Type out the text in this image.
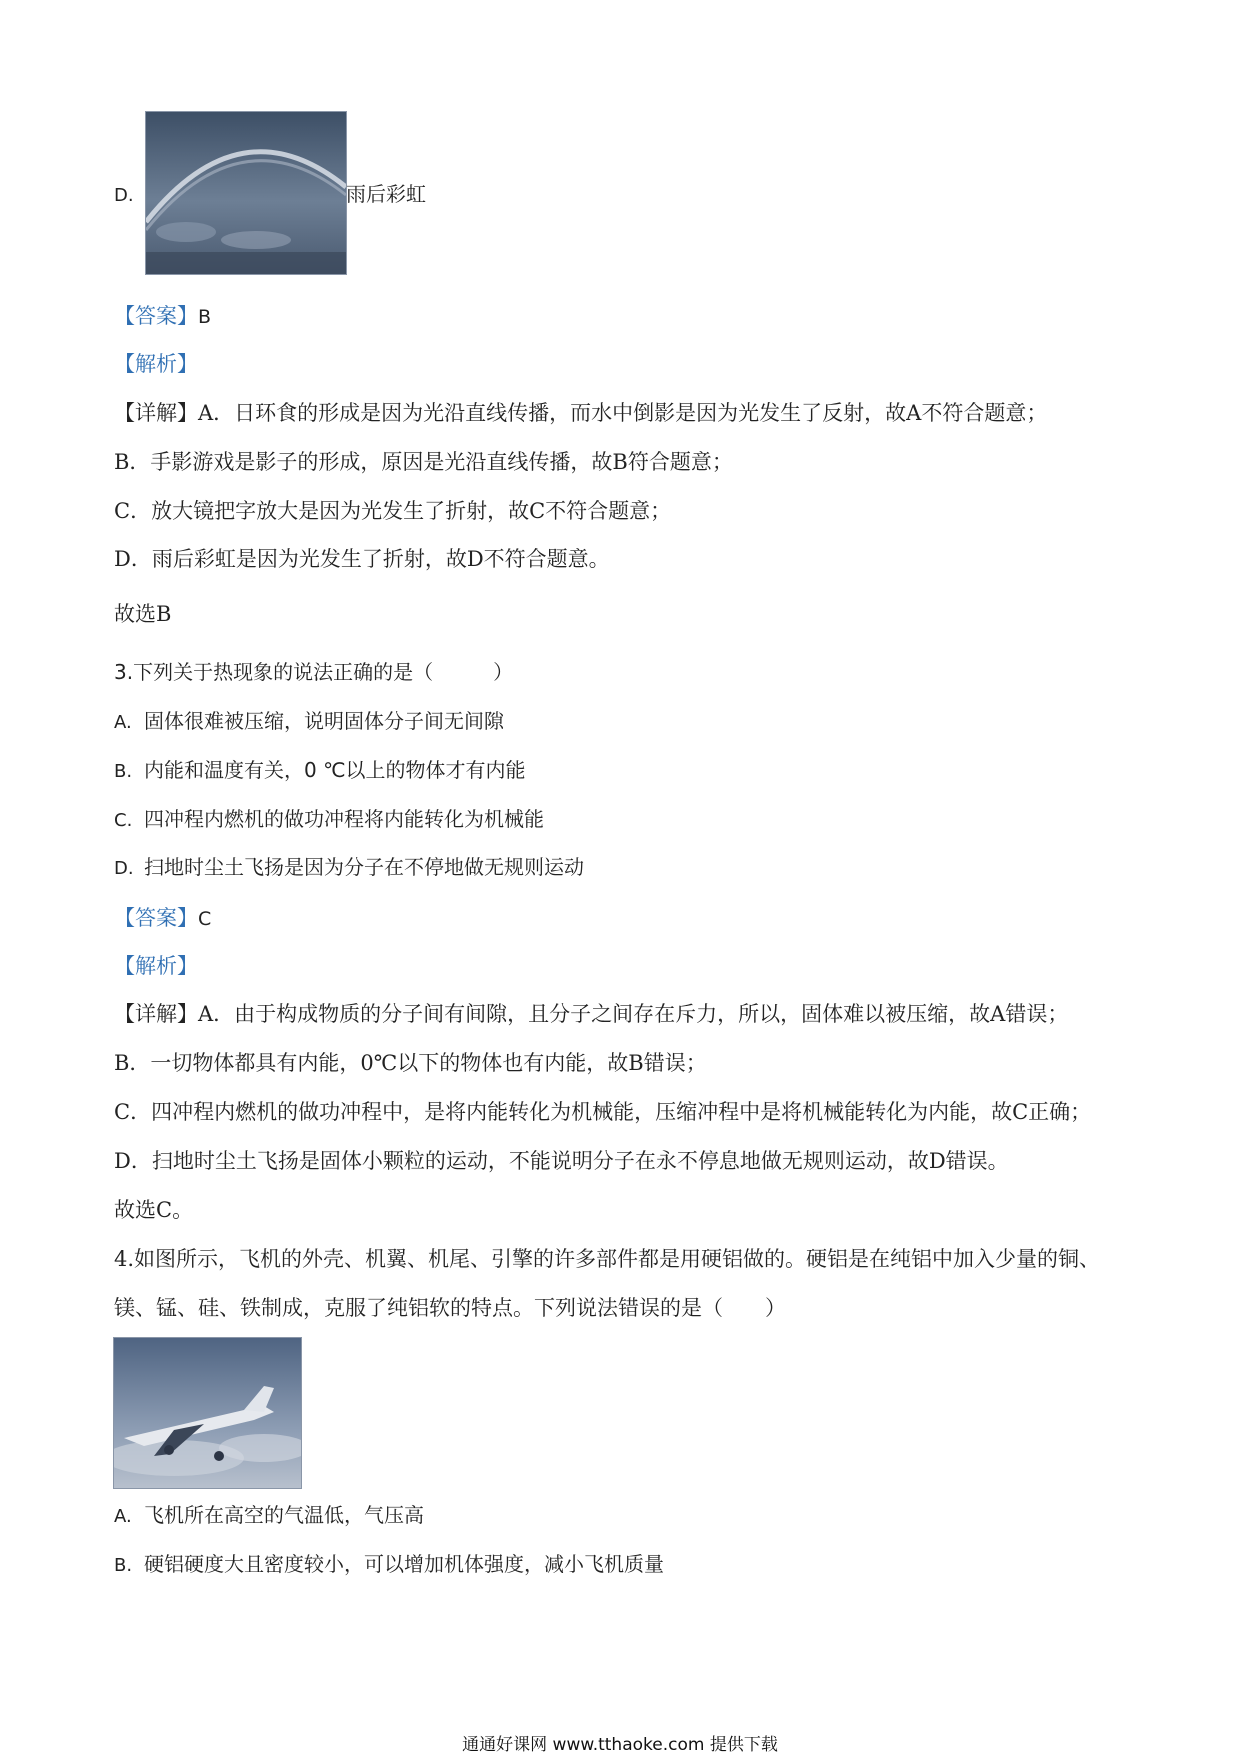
D.	雨后彩虹
【答案】B
【解析】
【详解】A．日环食的形成是因为光沿直线传播，而水中倒影是因为光发生了反射，故A不符合题意；
B．手影游戏是影子的形成，原因是光沿直线传播，故B符合题意；
C．放大镜把字放大是因为光发生了折射，故C不符合题意；
D．雨后彩虹是因为光发生了折射，故D不符合题意。
故选B
3.下列关于热现象的说法正确的是（　　　）
A. 固体很难被压缩，说明固体分子间无间隙
B. 内能和温度有关，0 ℃以上的物体才有内能
C. 四冲程内燃机的做功冲程将内能转化为机械能
D. 扫地时尘土飞扬是因为分子在不停地做无规则运动
【答案】C
【解析】
【详解】A．由于构成物质的分子间有间隙，且分子之间存在斥力，所以，固体难以被压缩，故A错误；
B．一切物体都具有内能，0℃以下的物体也有内能，故B错误；
C．四冲程内燃机的做功冲程中，是将内能转化为机械能，压缩冲程中是将机械能转化为内能，故C正确；
D．扫地时尘土飞扬是固体小颗粒的运动，不能说明分子在永不停息地做无规则运动，故D错误。
故选C。
4.如图所示，飞机的外壳、机翼、机尾、引擎的许多部件都是用硬铝做的。硬铝是在纯铝中加入少量的铜、
镁、锰、硅、铁制成，克服了纯铝软的特点。下列说法错误的是（　　）
A. 飞机所在高空的气温低，气压高
B. 硬铝硬度大且密度较小，可以增加机体强度，减小飞机质量
通通好课网 www.tthaoke.com 提供下载
